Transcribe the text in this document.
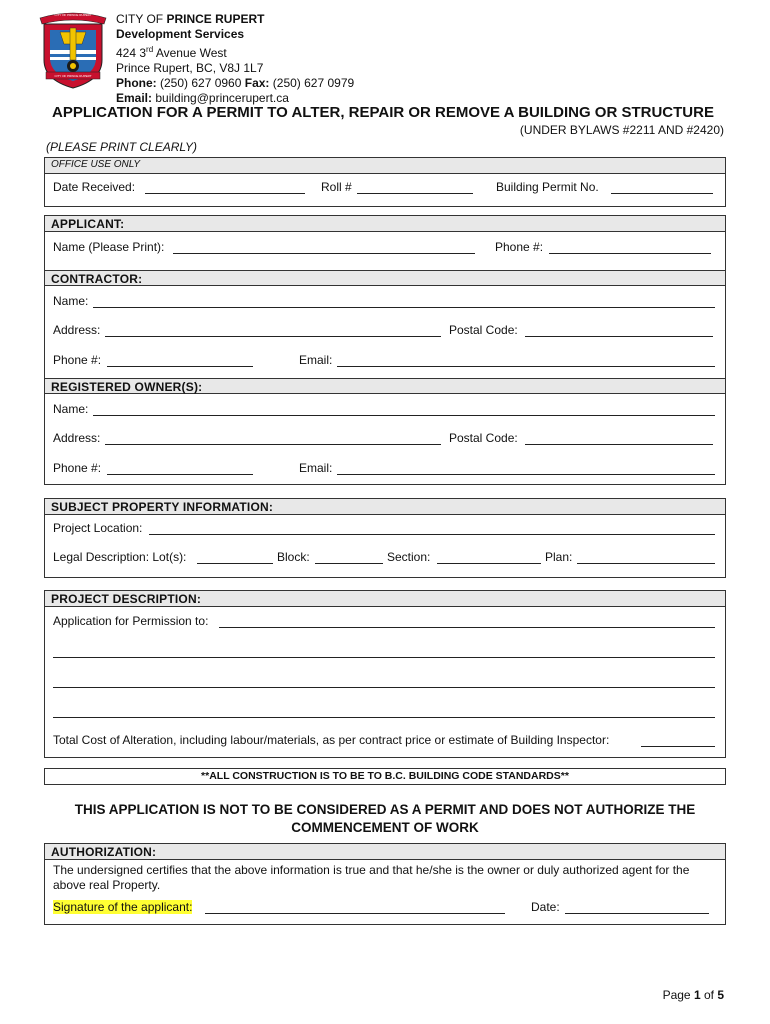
CITY OF PRINCE RUPERT
CITY OF PRINCE RUPERT
CITY OF PRINCE RUPERT
Development Services
424 3rd Avenue West
Prince Rupert, BC, V8J 1L7
Phone: (250) 627 0960 Fax: (250) 627 0979
Email: building@princerupert.ca
APPLICATION FOR A PERMIT TO ALTER, REPAIR OR REMOVE A BUILDING OR STRUCTURE
(UNDER BYLAWS #2211 AND #2420)
(PLEASE PRINT CLEARLY)
OFFICE USE ONLY
Date Received:	Roll #	Building Permit No.
APPLICANT:
Name (Please Print):	Phone #:
CONTRACTOR:
Name:
Address:	Postal Code:
Phone #:	Email:
REGISTERED OWNER(S):
Name:
Address:	Postal Code:
Phone #:	Email:
SUBJECT PROPERTY INFORMATION:
Project Location:
Legal Description: Lot(s):	Block:	Section:	Plan:
PROJECT DESCRIPTION:
Application for Permission to:
Total Cost of Alteration, including labour/materials, as per contract price or estimate of Building Inspector:
**ALL CONSTRUCTION IS TO BE TO B.C. BUILDING CODE STANDARDS**
THIS APPLICATION IS NOT TO BE CONSIDERED AS A PERMIT AND DOES NOT AUTHORIZE THE
COMMENCEMENT OF WORK
AUTHORIZATION:
The undersigned certifies that the above information is true and that he/she is the owner or duly authorized agent for the above real Property.
Signature of the applicant:	Date:
Page 1 of 5
